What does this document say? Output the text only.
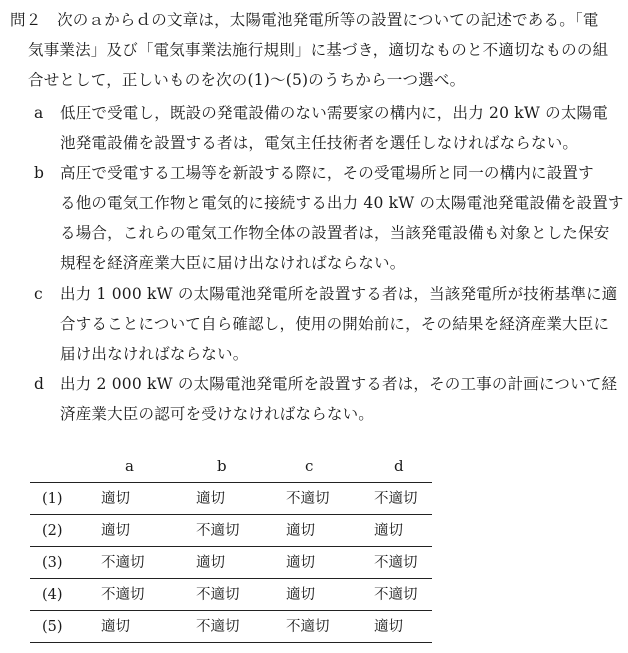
問２　次のａからｄの文章は，太陽電池発電所等の設置についての記述である。「電
気事業法」及び「電気事業法施行規則」に基づき，適切なものと不適切なものの組
合せとして，正しいものを次の(1)～(5)のうちから一つ選べ。
a 低圧で受電し，既設の発電設備のない需要家の構内に，出力 20 kW の太陽電
池発電設備を設置する者は，電気主任技術者を選任しなければならない。
b 高圧で受電する工場等を新設する際に，その受電場所と同一の構内に設置す
る他の電気工作物と電気的に接続する出力 40 kW の太陽電池発電設備を設置す
る場合，これらの電気工作物全体の設置者は，当該発電設備も対象とした保安
規程を経済産業大臣に届け出なければならない。
c 出力 1 000 kW の太陽電池発電所を設置する者は，当該発電所が技術基準に適
合することについて自ら確認し，使用の開始前に，その結果を経済産業大臣に
届け出なければならない。
d 出力 2 000 kW の太陽電池発電所を設置する者は，その工事の計画について経
済産業大臣の認可を受けなければならない。
a	b	c	d
(1)	適切	適切	不適切	不適切
(2)	適切	不適切	適切	適切
(3)	不適切	適切	適切	不適切
(4)	不適切	不適切	適切	不適切
(5)	適切	不適切	不適切	適切
